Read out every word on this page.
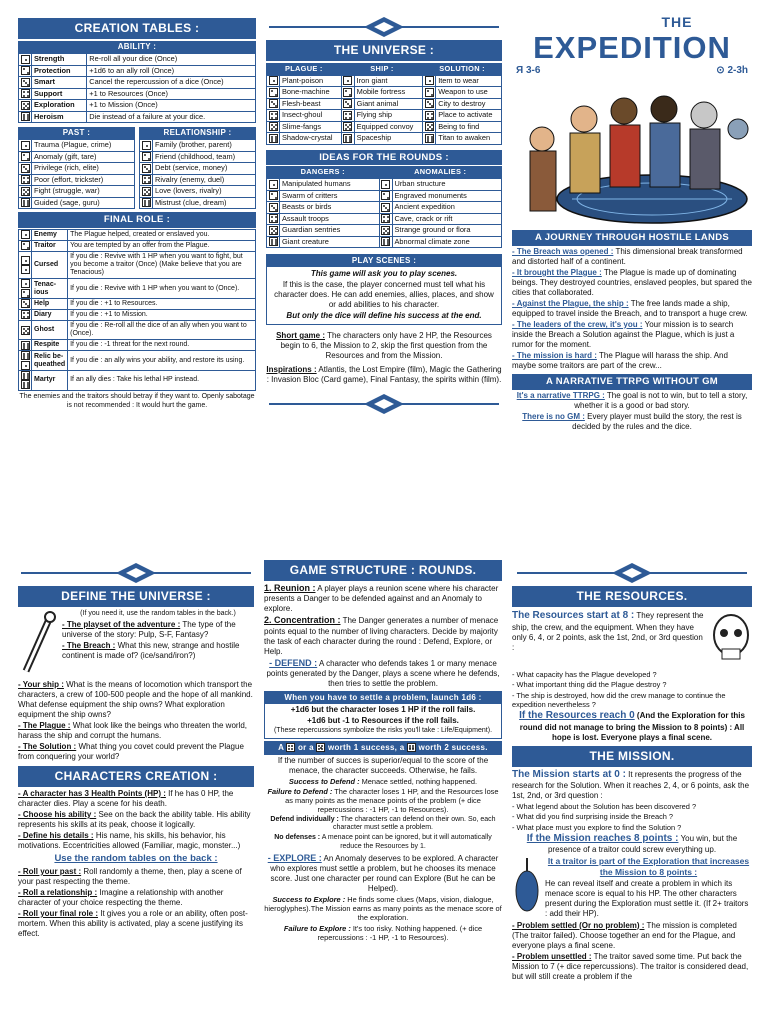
CREATION TABLES :
ABILITY :
	Strength	Re-roll all your dice (Once)

	Protection	+1d6 to an ally roll (Once)

	Smart	Cancel the repercussion of a dice (Once)

	Support	+1 to Resources (Once)

	Exploration	+1 to Mission (Once)

	Heroism	Die instead of a failure at your dice.
PAST :
	Trauma (Plague, crime)

	Anomaly (gift, tare)

	Privilege (rich, elite)

	Poor (effort, trickster)

	Fight (struggle, war)

	Guided (sage, guru)
RELATIONSHIP :
	Family (brother, parent)

	Friend (childhood, team)

	Debt (service, money)

	Rivalry (enemy, duel)

	Love (lovers, rivalry)

	Mistrust (clue, dream)
FINAL ROLE :
	Enemy	The Plague helped, created or enslaved you.

	Traitor	You are tempted by an offer from the Plague.

	Cursed	If you die : Revive with 1 HP when you want to fight, but you become a traitor (Once) (Make believe that you are Tenacious)

	Tenac-ious	If you die : Revive with 1 HP when you want to (Once).

	Help	If you die : +1 to Resources.

	Diary	If you die : +1 to Mission.

	Ghost	If you die : Re-roll all the dice of an ally when you want to (Once).

	Respite	If you die : -1 threat for the next round.

	Relic be-queathed	If you die : an ally wins your ability, and restore its using.

	Martyr	If an ally dies : Take his lethal HP instead.
The enemies and the traitors should betray if they want to. Openly sabotage is not recommended : It would hurt the game.
THE UNIVERSE :
PLAGUE :		SHIP :		SOLUTION :	

	Plant-poison		Iron giant		Item to wear

	Bone-machine		Mobile fortress		Weapon to use

	Flesh-beast		Giant animal		City to destroy

	Insect-ghoul		Flying ship		Place to activate

	Slime-fangs		Equipped convoy		Being to find

	Shadow-crystal		Spaceship		Titan to awaken
IDEAS FOR THE ROUNDS :
DANGERS :		ANOMALIES :	

	Manipulated humans		Urban structure

	Swarm of critters		Engraved monuments

	Beasts or birds		Ancient expedition

	Assault troops		Cave, crack or rift

	Guardian sentries		Strange ground or flora

	Giant creature		Abnormal climate zone
PLAY SCENES :
This game will ask you to play scenes.
If this is the case, the player concerned must tell what his character does. He can add enemies, allies, places, and show or add abilities to his character.
But only the dice will define his success at the end.
Short game : The characters only have 2 HP, the Resources begin to 6, the Mission to 2, skip the first question from the Resources and from the Mission.
Inspirations : Atlantis, the Lost Empire (film), Magic the Gathering : Invasion Bloc (Card game), Final Fantasy, the spirits within (film).
THE
EXPEDITION
Я 3-6	⊙ 2-3h
A JOURNEY THROUGH HOSTILE LANDS
- The Breach was opened : This dimensional break transformed and distorted half of a continent.
- It brought the Plague : The Plague is made up of dominating beings. They destroyed countries, enslaved peoples, but spared the cities that collaborated.
- Against the Plague, the ship : The free lands made a ship, equipped to travel inside the Breach, and to transport a huge crew.
- The leaders of the crew, it's you : Your mission is to search inside the Breach a Solution against the Plague, which is just a rumor for the moment.
- The mission is hard : The Plague will harass the ship. And maybe some traitors are part of the crew...
A NARRATIVE TTRPG WITHOUT GM
It's a narrative TTRPG : The goal is not to win, but to tell a story, whether it is a good or bad story.
There is no GM : Every player must build the story, the rest is decided by the rules and the dice.
DEFINE THE UNIVERSE :
(If you need it, use the random tables in the back.)
- The playset of the adventure : The type of the universe of the story: Pulp, S-F, Fantasy?
- The Breach : What this new, strange and hostile continent is made of? (ice/sand/iron?)
- Your ship : What is the means of locomotion which transport the characters, a crew of 100-500 people and the hope of all mankind. What defense equipment the ship owns? What exploration equipment the ship owns?
- The Plague : What look like the beings who threaten the world, harass the ship and corrupt the humans.
- The Solution : What thing you covet could prevent the Plague from conquering your world?
CHARACTERS CREATION :
- A character has 3 Health Points (HP) : If he has 0 HP, the character dies. Play a scene for his death.
- Choose his ability : See on the back the ability table. His ability represents his skills at its peak, choose it logically.
- Define his details : His name, his skills, his behavior, his motivations. Eccentricities allowed (Familiar, magic, monster...)
Use the random tables on the back :
- Roll your past : Roll randomly a theme, then, play a scene of your past respecting the theme.
- Roll a relationship : Imagine a relationship with another character of your choice respecting the theme.
- Roll your final role : It gives you a role or an ability, often post-mortem. When this ability is activated, play a scene justifying its effect.
GAME STRUCTURE : ROUNDS.
1. Reunion : A player plays a reunion scene where his character presents a Danger to be defended against and an Anomaly to explore.
2. Concentration : The Danger generates a number of menace points equal to the number of living characters. Decide by majority the task of each character during the round : Defend, Explore, or Help.
- DEFEND : A character who defends takes 1 or many menace points generated by the Danger, plays a scene where he defends, then tries to settle the problem.
When you have to settle a problem, launch 1d6 :
+1d6 but the character loses 1 HP if the roll fails.
+1d6 but -1 to Resources if the roll fails.
(These repercussions symbolize the risks you'll take : Life/Equipment).
A or a worth 1 success, a worth 2 success.
If the number of succes is superior/equal to the score of the menace, the character succeeds. Otherwise, he fails.
Success to Defend : Menace settled, nothing happened.
Failure to Defend : The character loses 1 HP, and the Resources lose as many points as the menace points of the problem (+ dice repercussions : -1 HP, -1 to Resources).
Defend individually : The characters can defend on their own. So, each character must settle a problem.
No defenses : A menace point can be ignored, but it will automatically reduce the Resources by 1.
- EXPLORE : An Anomaly deserves to be explored. A character who explores must settle a problem, but he chooses its menace score. Just one character per round can Explore (But he can be Helped).
Success to Explore : He finds some clues (Maps, vision, dialogue, hieroglyphes).The Mission earns as many points as the menace score of the exploration.
Failure to Explore : It's too risky. Nothing happened. (+ dice repercussions : -1 HP, -1 to Resources).
THE RESOURCES.
The Resources start at 8 : They represent the ship, the crew, and the equipment. When they have only 6, 4, or 2 points, ask the 1st, 2nd, or 3rd question :
- What capacity has the Plague developed ?
- What important thing did the Plague destroy ?
- The ship is destroyed, how did the crew manage to continue the expedition nevertheless ?
If the Resources reach 0 (And the Exploration for this round did not manage to bring the Mission to 8 points) : All hope is lost. Everyone plays a final scene.
THE MISSION.
The Mission starts at 0 : It represents the progress of the research for the Solution. When it reaches 2, 4, or 6 points, ask the 1st, 2nd, or 3rd question :
- What legend about the Solution has been discovered ?
- What did you find surprising inside the Breach ?
- What place must you explore to find the Solution ?
If the Mission reaches 8 points : You win, but the presence of a traitor could screw everything up.
It a traitor is part of the Exploration that increases the Mission to 8 points :
He can reveal itself and create a problem in which its menace score is equal to his HP. The other characters present during the Exploration must settle it. (If 2+ traitors : add their HP).
- Problem settled (Or no problem) : The mission is completed (The traitor failed). Choose together an end for the Plague, and everyone plays a final scene.
- Problem unsettled : The traitor saved some time. Put back the Mission to 7 (+ dice repercussions). The traitor is considered dead, but will still create a problem if the
